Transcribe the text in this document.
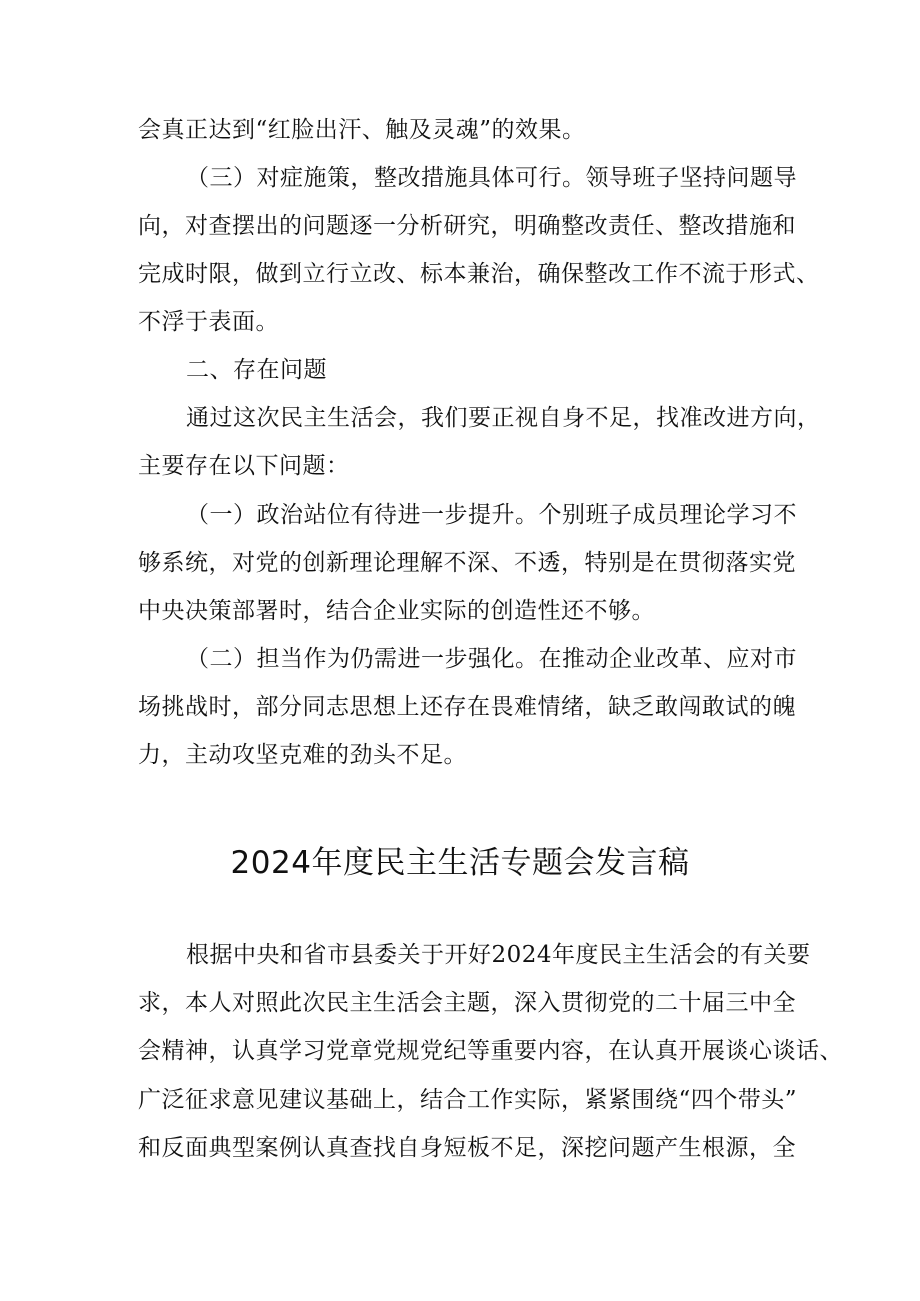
会真正达到“红脸出汗、触及灵魂”的效果。
（三）对症施策，整改措施具体可行。领导班子坚持问题导
向，对查摆出的问题逐一分析研究，明确整改责任、整改措施和
完成时限，做到立行立改、标本兼治，确保整改工作不流于形式、
不浮于表面。
二、存在问题
通过这次民主生活会，我们要正视自身不足，找准改进方向，
主要存在以下问题：
（一）政治站位有待进一步提升。个别班子成员理论学习不
够系统，对党的创新理论理解不深、不透，特别是在贯彻落实党
中央决策部署时，结合企业实际的创造性还不够。
（二）担当作为仍需进一步强化。在推动企业改革、应对市
场挑战时，部分同志思想上还存在畏难情绪，缺乏敢闯敢试的魄
力，主动攻坚克难的劲头不足。
2024年度民主生活专题会发言稿
根据中央和省市县委关于开好2024年度民主生活会的有关要
求，本人对照此次民主生活会主题，深入贯彻党的二十届三中全
会精神，认真学习党章党规党纪等重要内容，在认真开展谈心谈话、
广泛征求意见建议基础上，结合工作实际，紧紧围绕“四个带头”
和反面典型案例认真查找自身短板不足，深挖问题产生根源，全
